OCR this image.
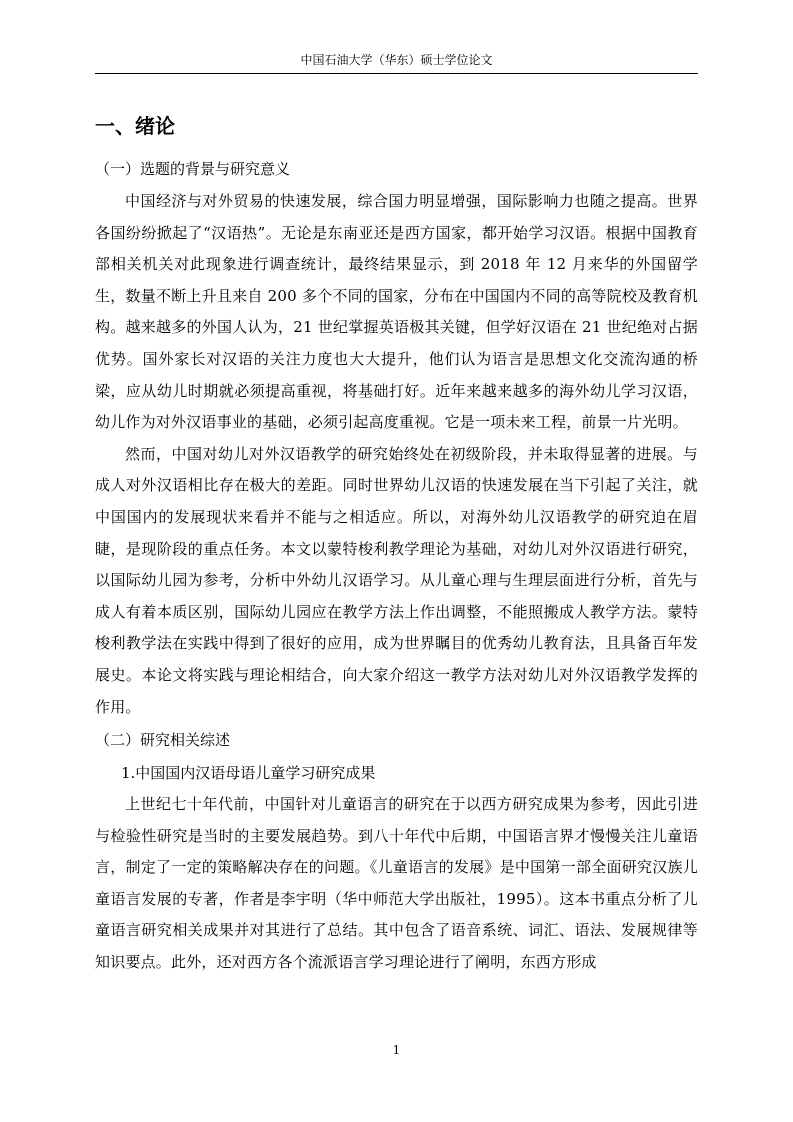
中国石油大学（华东）硕士学位论文
一、绪论
（一）选题的背景与研究意义

中国经济与对外贸易的快速发展，综合国力明显增强，国际影响力也随之提高。世界各国纷纷掀起了“汉语热”。无论是东南亚还是西方国家，都开始学习汉语。根据中国教育部相关机关对此现象进行调查统计，最终结果显示，到 2018 年 12 月来华的外国留学生，数量不断上升且来自 200 多个不同的国家，分布在中国国内不同的高等院校及教育机构。越来越多的外国人认为，21 世纪掌握英语极其关键，但学好汉语在 21 世纪绝对占据优势。国外家长对汉语的关注力度也大大提升，他们认为语言是思想文化交流沟通的桥梁，应从幼儿时期就必须提高重视，将基础打好。近年来越来越多的海外幼儿学习汉语，幼儿作为对外汉语事业的基础，必须引起高度重视。它是一项未来工程，前景一片光明。

然而，中国对幼儿对外汉语教学的研究始终处在初级阶段，并未取得显著的进展。与成人对外汉语相比存在极大的差距。同时世界幼儿汉语的快速发展在当下引起了关注，就中国国内的发展现状来看并不能与之相适应。所以，对海外幼儿汉语教学的研究迫在眉睫，是现阶段的重点任务。本文以蒙特梭利教学理论为基础，对幼儿对外汉语进行研究，以国际幼儿园为参考，分析中外幼儿汉语学习。从儿童心理与生理层面进行分析，首先与成人有着本质区别，国际幼儿园应在教学方法上作出调整，不能照搬成人教学方法。蒙特梭利教学法在实践中得到了很好的应用，成为世界瞩目的优秀幼儿教育法，且具备百年发展史。本论文将实践与理论相结合，向大家介绍这一教学方法对幼儿对外汉语教学发挥的作用。

（二）研究相关综述
1.中国国内汉语母语儿童学习研究成果

上世纪七十年代前，中国针对儿童语言的研究在于以西方研究成果为参考，因此引进与检验性研究是当时的主要发展趋势。到八十年代中后期，中国语言界才慢慢关注儿童语言，制定了一定的策略解决存在的问题。《儿童语言的发展》是中国第一部全面研究汉族儿童语言发展的专著，作者是李宇明（华中师范大学出版社，1995）。这本书重点分析了儿童语言研究相关成果并对其进行了总结。其中包含了语音系统、词汇、语法、发展规律等知识要点。此外，还对西方各个流派语言学习理论进行了阐明，东西方形成

1
